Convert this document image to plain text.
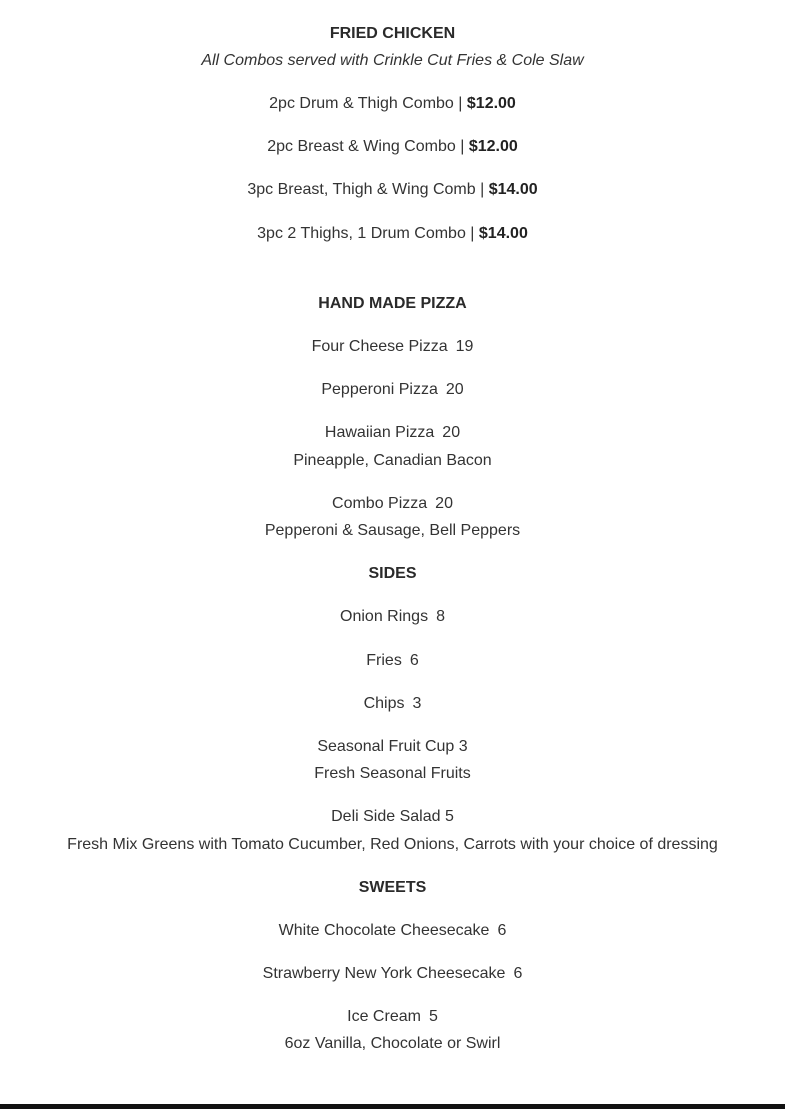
FRIED CHICKEN
All Combos served with Crinkle Cut Fries & Cole Slaw
2pc Drum & Thigh Combo | $12.00
2pc Breast & Wing Combo | $12.00
3pc Breast, Thigh & Wing Comb | $14.00
3pc 2 Thighs, 1 Drum Combo | $14.00
HAND MADE PIZZA
Four Cheese Pizza 19
Pepperoni Pizza 20
Hawaiian Pizza 20
Pineapple, Canadian Bacon
Combo Pizza 20
Pepperoni & Sausage, Bell Peppers
SIDES
Onion Rings 8
Fries 6
Chips 3
Seasonal Fruit Cup 3
Fresh Seasonal Fruits
Deli Side Salad 5
Fresh Mix Greens with Tomato Cucumber, Red Onions, Carrots with your choice of dressing
SWEETS
White Chocolate Cheesecake 6
Strawberry New York Cheesecake 6
Ice Cream 5
6oz Vanilla, Chocolate or Swirl
